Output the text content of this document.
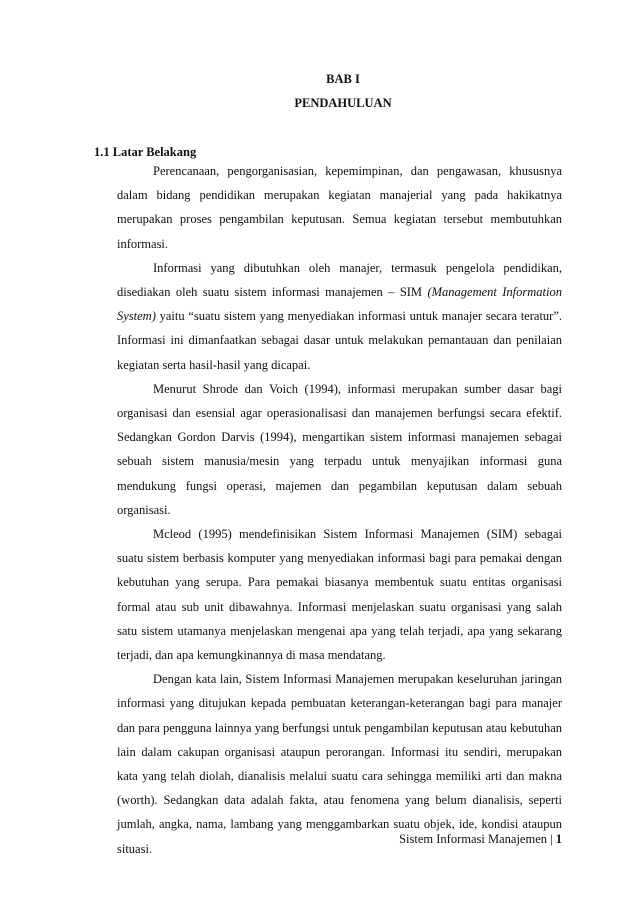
BAB I
PENDAHULUAN
1.1 Latar Belakang

Perencanaan, pengorganisasian, kepemimpinan, dan pengawasan, khususnya dalam bidang pendidikan merupakan kegiatan manajerial yang pada hakikatnya merupakan proses pengambilan keputusan. Semua kegiatan tersebut membutuhkan informasi.

Informasi yang dibutuhkan oleh manajer, termasuk pengelola pendidikan, disediakan oleh suatu sistem informasi manajemen – SIM (Management Information System) yaitu “suatu sistem yang menyediakan informasi untuk manajer secara teratur”. Informasi ini dimanfaatkan sebagai dasar untuk melakukan pemantauan dan penilaian kegiatan serta hasil-hasil yang dicapai.

Menurut Shrode dan Voich (1994), informasi merupakan sumber dasar bagi organisasi dan esensial agar operasionalisasi dan manajemen berfungsi secara efektif. Sedangkan Gordon Darvis (1994), mengartikan sistem informasi manajemen sebagai sebuah sistem manusia/mesin yang terpadu untuk menyajikan informasi guna mendukung fungsi operasi, majemen dan pegambilan keputusan dalam sebuah organisasi.

Mcleod (1995) mendefinisikan Sistem Informasi Manajemen (SIM) sebagai suatu sistem berbasis komputer yang menyediakan informasi bagi para pemakai dengan kebutuhan yang serupa. Para pemakai biasanya membentuk suatu entitas organisasi formal atau sub unit dibawahnya. Informasi menjelaskan suatu organisasi yang salah satu sistem utamanya menjelaskan mengenai apa yang telah terjadi, apa yang sekarang terjadi, dan apa kemungkinannya di masa mendatang.

Dengan kata lain, Sistem Informasi Manajemen merupakan keseluruhan jaringan informasi yang ditujukan kepada pembuatan keterangan-keterangan bagi para manajer dan para pengguna lainnya yang berfungsi untuk pengambilan keputusan atau kebutuhan lain dalam cakupan organisasi ataupun perorangan. Informasi itu sendiri, merupakan kata yang telah diolah, dianalisis melalui suatu cara sehingga memiliki arti dan makna (worth). Sedangkan data adalah fakta, atau fenomena yang belum dianalisis, seperti jumlah, angka, nama, lambang yang menggambarkan suatu objek, ide, kondisi ataupun situasi.

Sistem Informasi Manajemen | 1
